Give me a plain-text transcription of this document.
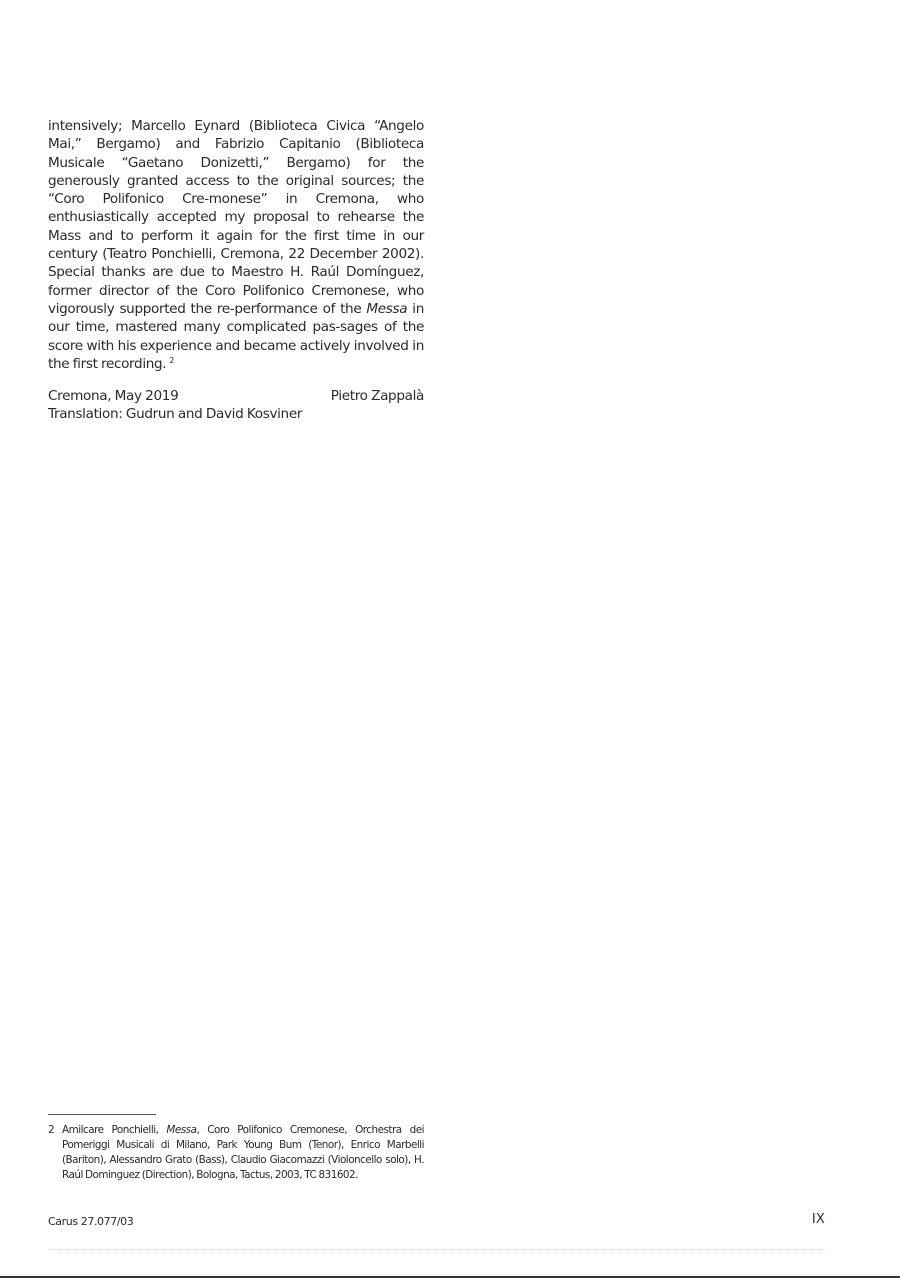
intensively; Marcello Eynard (Biblioteca Civica “Angelo Mai,” Bergamo) and Fabrizio Capitanio (Biblioteca Musicale “Gaetano Donizetti,” Bergamo) for the generously granted access to the original sources; the “Coro Polifonico Cre-monese” in Cremona, who enthusiastically accepted my proposal to rehearse the Mass and to perform it again for the first time in our century (Teatro Ponchielli, Cremona, 22 December 2002). Special thanks are due to Maestro H. Raúl Domínguez, former director of the Coro Polifonico Cremonese, who vigorously supported the re-performance of the Messa in our time, mastered many complicated pas-sages of the score with his experience and became actively involved in the first recording. $^2$

Cremona, May 2019	Pietro Zappalà

Translation: Gudrun and David Kosviner

2 Amilcare Ponchielli, Messa, Coro Polifonico Cremonese, Orchestra dei Pomeriggi Musicali di Milano, Park Young Bum (Tenor), Enrico Marbelli (Bariton), Alessandro Grato (Bass), Claudio Giacomazzi (Violoncello solo), H. Raúl Dominguez (Direction), Bologna, Tactus, 2003, TC 831602.
Carus 27.077/03	IX
